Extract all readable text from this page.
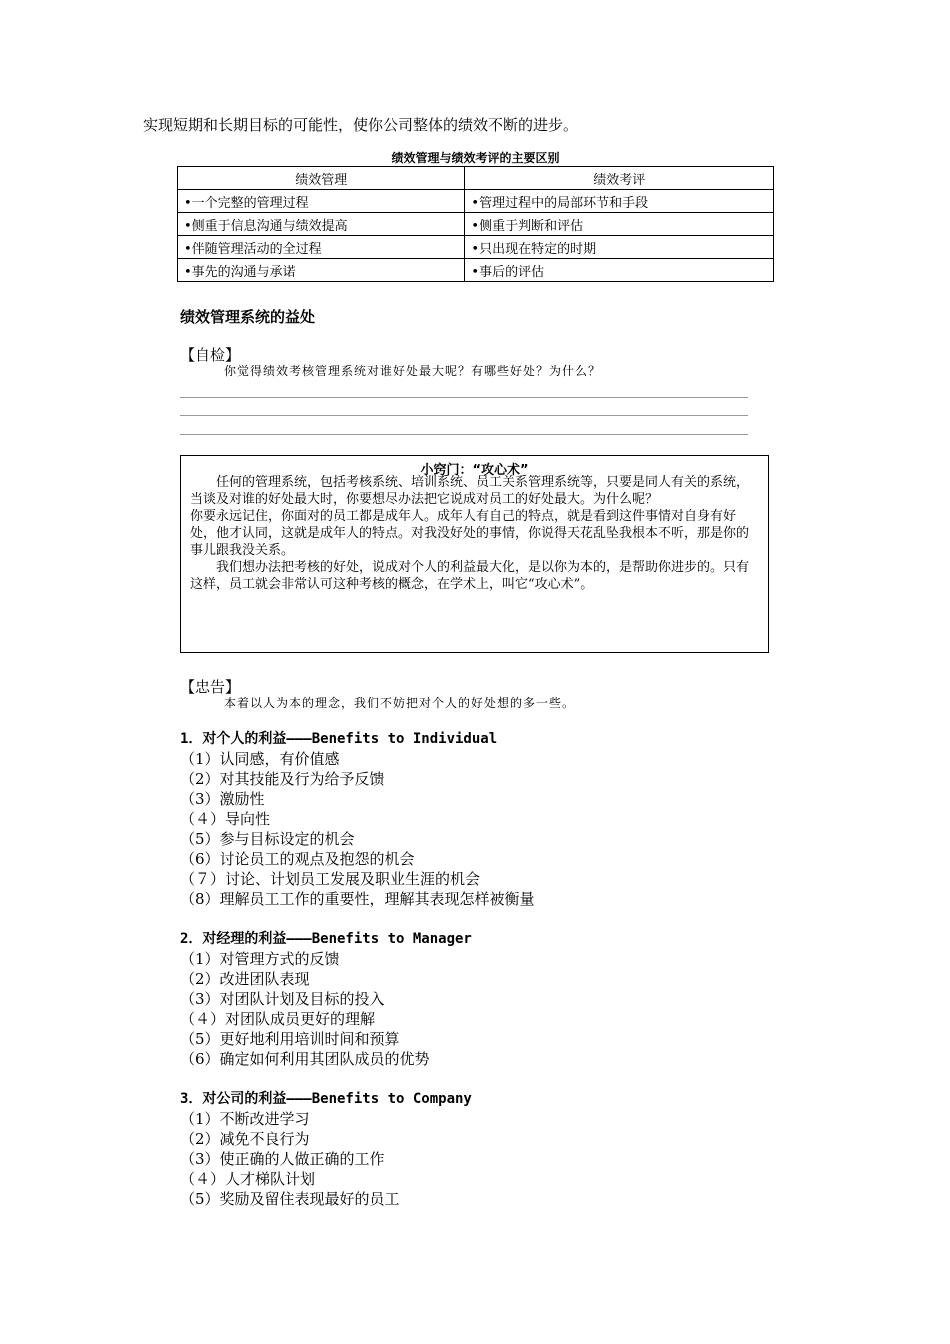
实现短期和长期目标的可能性，使你公司整体的绩效不断的进步。
绩效管理与绩效考评的主要区别
绩效管理	绩效考评
•一个完整的管理过程	•管理过程中的局部环节和手段
•侧重于信息沟通与绩效提高	•侧重于判断和评估
•伴随管理活动的全过程	•只出现在特定的时期
•事先的沟通与承诺	•事后的评估
绩效管理系统的益处
【自检】
你觉得绩效考核管理系统对谁好处最大呢？有哪些好处？为什么？
小窍门：“攻心术”

任何的管理系统，包括考核系统、培训系统、员工关系管理系统等，只要是同人有关的系统，当谈及对谁的好处最大时，你要想尽办法把它说成对员工的好处最大。为什么呢？

你要永远记住，你面对的员工都是成年人。成年人有自己的特点，就是看到这件事情对自身有好处，他才认同，这就是成年人的特点。对我没好处的事情，你说得天花乱坠我根本不听，那是你的事儿跟我没关系。

我们想办法把考核的好处，说成对个人的利益最大化，是以你为本的，是帮助你进步的。只有这样，员工就会非常认可这种考核的概念，在学术上，叫它“攻心术”。

【忠告】
本着以人为本的理念，我们不妨把对个人的好处想的多一些。
1．对个人的利益———Benefits to Individual
（1）认同感，有价值感
（2）对其技能及行为给予反馈
（3）激励性
（４）导向性
（5）参与目标设定的机会
（6）讨论员工的观点及抱怨的机会
（７）讨论、计划员工发展及职业生涯的机会
（8）理解员工工作的重要性，理解其表现怎样被衡量
2．对经理的利益———Benefits to Manager
（1）对管理方式的反馈
（2）改进团队表现
（3）对团队计划及目标的投入
（４）对团队成员更好的理解
（5）更好地利用培训时间和预算
（6）确定如何利用其团队成员的优势
3．对公司的利益———Benefits to Company
（1）不断改进学习
（2）减免不良行为
（3）使正确的人做正确的工作
（４）人才梯队计划
（5）奖励及留住表现最好的员工
